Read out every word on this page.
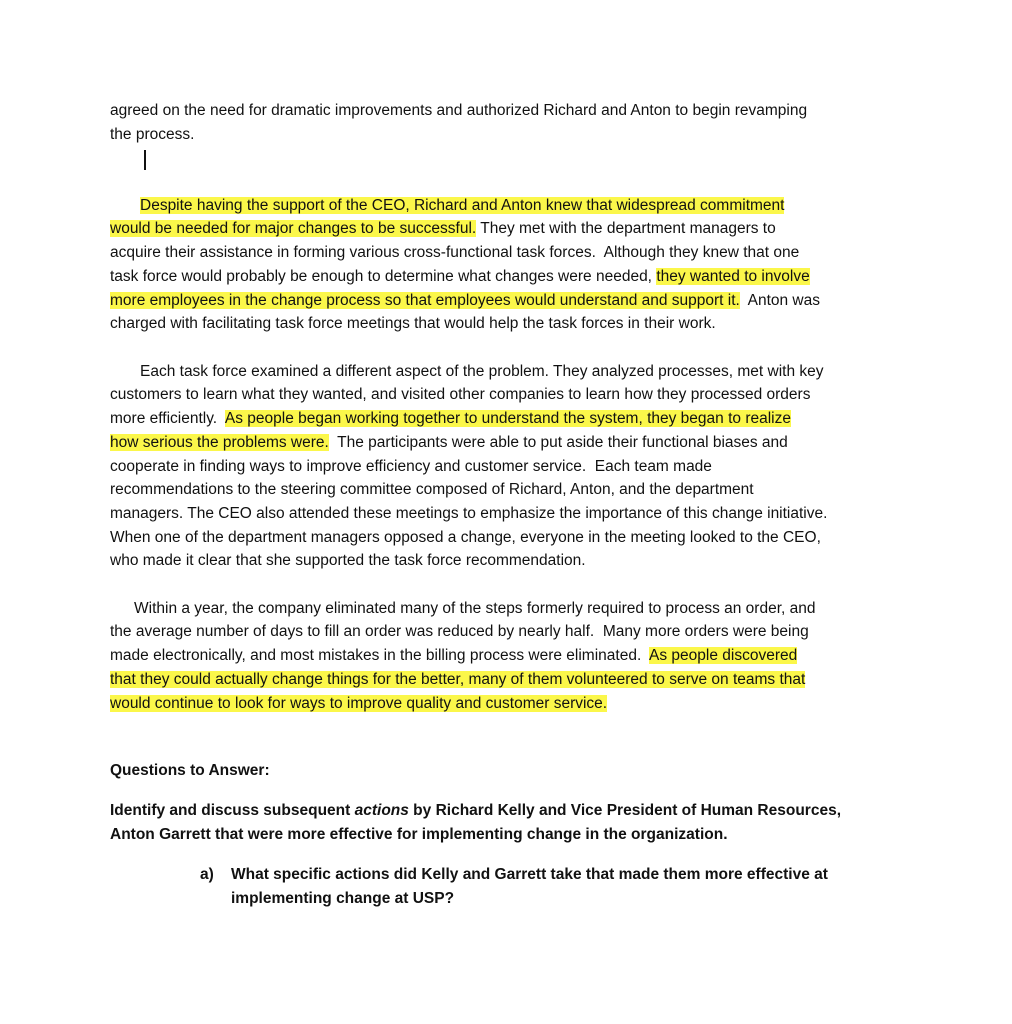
agreed on the need for dramatic improvements and authorized Richard and Anton to begin revamping
the process.
Despite having the support of the CEO, Richard and Anton knew that widespread commitment
would be needed for major changes to be successful. They met with the department managers to
acquire their assistance in forming various cross-functional task forces.  Although they knew that one
task force would probably be enough to determine what changes were needed, they wanted to involve
more employees in the change process so that employees would understand and support it.  Anton was
charged with facilitating task force meetings that would help the task forces in their work.
Each task force examined a different aspect of the problem. They analyzed processes, met with key
customers to learn what they wanted, and visited other companies to learn how they processed orders
more efficiently.  As people began working together to understand the system, they began to realize
how serious the problems were.  The participants were able to put aside their functional biases and
cooperate in finding ways to improve efficiency and customer service.  Each team made
recommendations to the steering committee composed of Richard, Anton, and the department
managers. The CEO also attended these meetings to emphasize the importance of this change initiative.
When one of the department managers opposed a change, everyone in the meeting looked to the CEO,
who made it clear that she supported the task force recommendation.
Within a year, the company eliminated many of the steps formerly required to process an order, and
the average number of days to fill an order was reduced by nearly half.  Many more orders were being
made electronically, and most mistakes in the billing process were eliminated.  As people discovered
that they could actually change things for the better, many of them volunteered to serve on teams that
would continue to look for ways to improve quality and customer service.
Questions to Answer:
Identify and discuss subsequent actions by Richard Kelly and Vice President of Human Resources,
Anton Garrett that were more effective for implementing change in the organization.
a) What specific actions did Kelly and Garrett take that made them more effective at
implementing change at USP?
